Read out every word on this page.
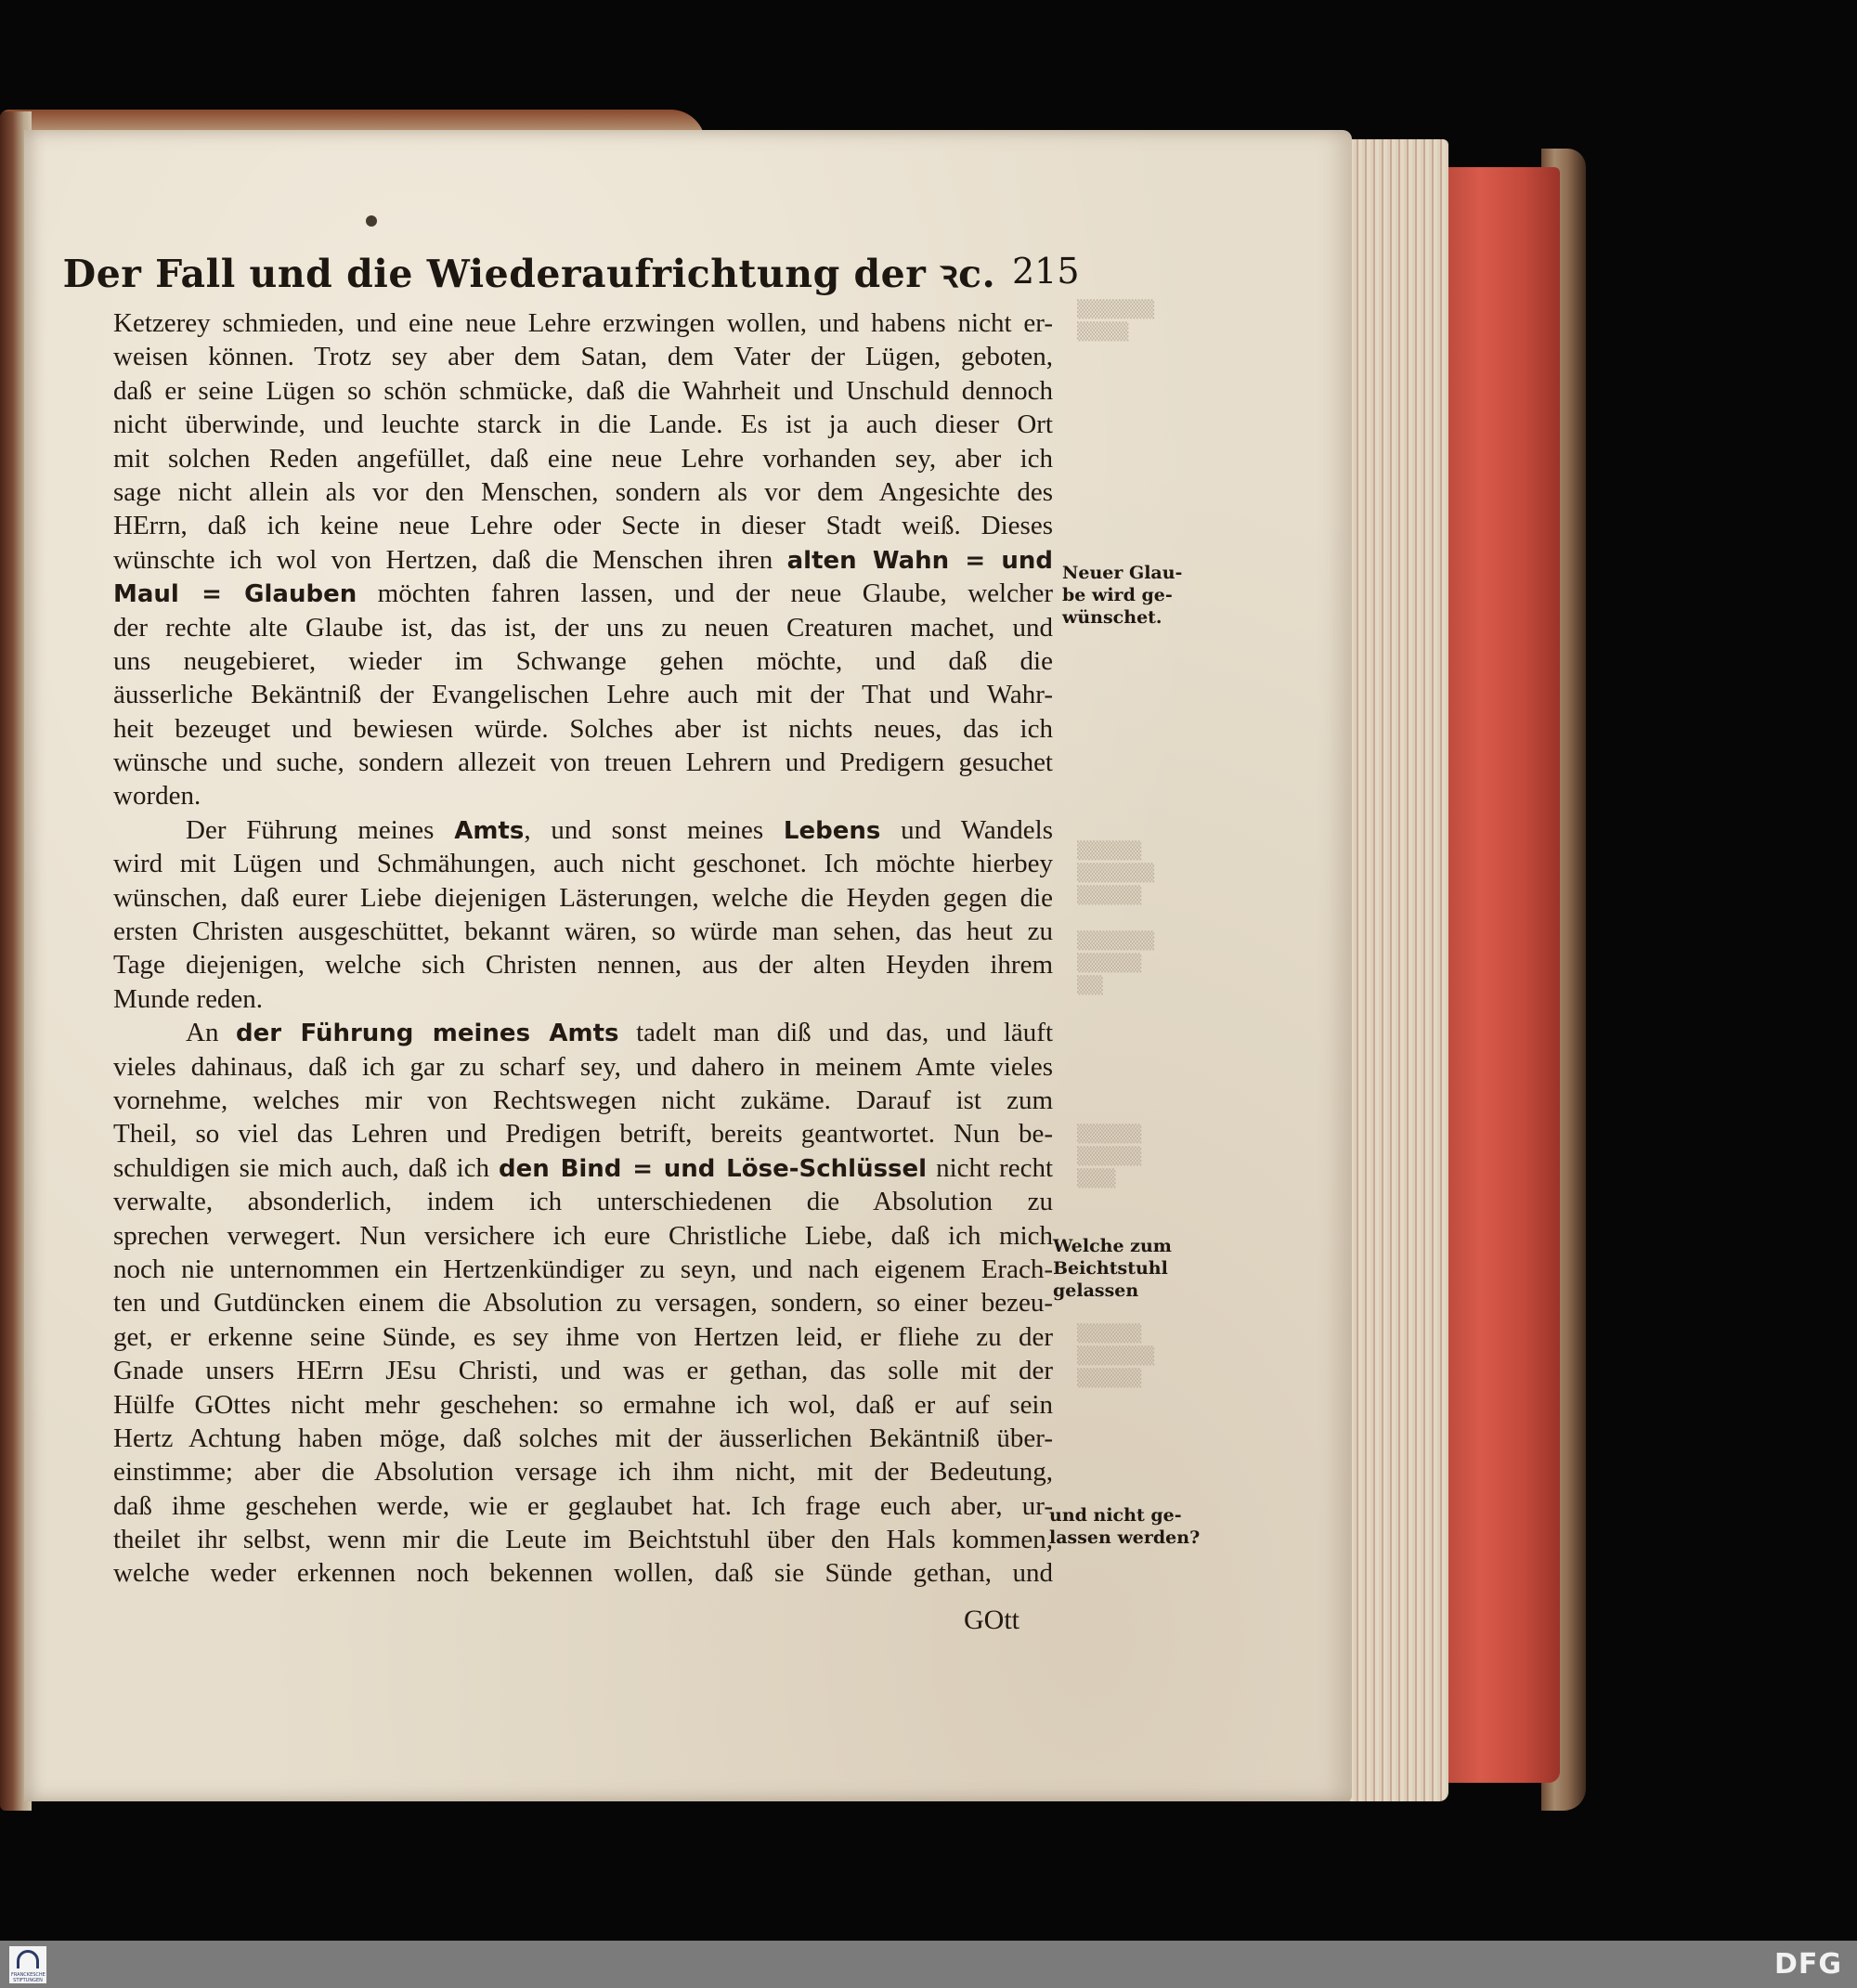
Der Fall und die Wiederaufrichtung der ꝛc. 215
▒▒▒▒▒▒
▒▒▒▒
▒▒▒▒▒
▒▒▒▒▒▒
▒▒▒▒▒
▒▒▒▒▒▒
▒▒▒▒▒
▒▒
▒▒▒▒▒
▒▒▒▒▒
▒▒▒
▒▒▒▒▒
▒▒▒▒▒▒
▒▒▒▒▒
Ketzerey schmieden, und eine neue Lehre erzwingen wollen, und habens nicht er-
weisen können. Trotz sey aber dem Satan, dem Vater der Lügen, geboten,
daß er seine Lügen so schön schmücke, daß die Wahrheit und Unschuld dennoch
nicht überwinde, und leuchte starck in die Lande. Es ist ja auch dieser Ort
mit solchen Reden angefüllet, daß eine neue Lehre vorhanden sey, aber ich
sage nicht allein als vor den Menschen, sondern als vor dem Angesichte des
HErrn, daß ich keine neue Lehre oder Secte in dieser Stadt weiß. Dieses
wünschte ich wol von Hertzen, daß die Menschen ihren alten Wahn = und
Maul = Glauben möchten fahren lassen, und der neue Glaube, welcher
der rechte alte Glaube ist, das ist, der uns zu neuen Creaturen machet, und
uns neugebieret, wieder im Schwange gehen möchte, und daß die
äusserliche Bekäntniß der Evangelischen Lehre auch mit der That und Wahr-
heit bezeuget und bewiesen würde. Solches aber ist nichts neues, das ich
wünsche und suche, sondern allezeit von treuen Lehrern und Predigern gesuchet
worden.
Der Führung meines Amts, und sonst meines Lebens und Wandels
wird mit Lügen und Schmähungen, auch nicht geschonet. Ich möchte hierbey
wünschen, daß eurer Liebe diejenigen Lästerungen, welche die Heyden gegen die
ersten Christen ausgeschüttet, bekannt wären, so würde man sehen, das heut zu
Tage diejenigen, welche sich Christen nennen, aus der alten Heyden ihrem
Munde reden.
An der Führung meines Amts tadelt man diß und das, und läuft
vieles dahinaus, daß ich gar zu scharf sey, und dahero in meinem Amte vieles
vornehme, welches mir von Rechtswegen nicht zukäme. Darauf ist zum
Theil, so viel das Lehren und Predigen betrift, bereits geantwortet. Nun be-
schuldigen sie mich auch, daß ich den Bind = und Löse-Schlüssel nicht recht
verwalte, absonderlich, indem ich unterschiedenen die Absolution zu
sprechen verwegert. Nun versichere ich eure Christliche Liebe, daß ich mich
noch nie unternommen ein Hertzenkündiger zu seyn, und nach eigenem Erach-
ten und Gutdüncken einem die Absolution zu versagen, sondern, so einer bezeu-
get, er erkenne seine Sünde, es sey ihme von Hertzen leid, er fliehe zu der
Gnade unsers HErrn JEsu Christi, und was er gethan, das solle mit der
Hülfe GOttes nicht mehr geschehen: so ermahne ich wol, daß er auf sein
Hertz Achtung haben möge, daß solches mit der äusserlichen Bekäntniß über-
einstimme; aber die Absolution versage ich ihm nicht, mit der Bedeutung,
daß ihme geschehen werde, wie er geglaubet hat. Ich frage euch aber, ur-
theilet ihr selbst, wenn mir die Leute im Beichtstuhl über den Hals kommen,
welche weder erkennen noch bekennen wollen, daß sie Sünde gethan, und
Neuer Glau-
be wird ge-
wünschet.
Welche zum
Beichtstuhl
gelassen
und nicht ge-
lassen werden?
GOtt
FRANCKESCHE STIFTUNGEN	DFG
